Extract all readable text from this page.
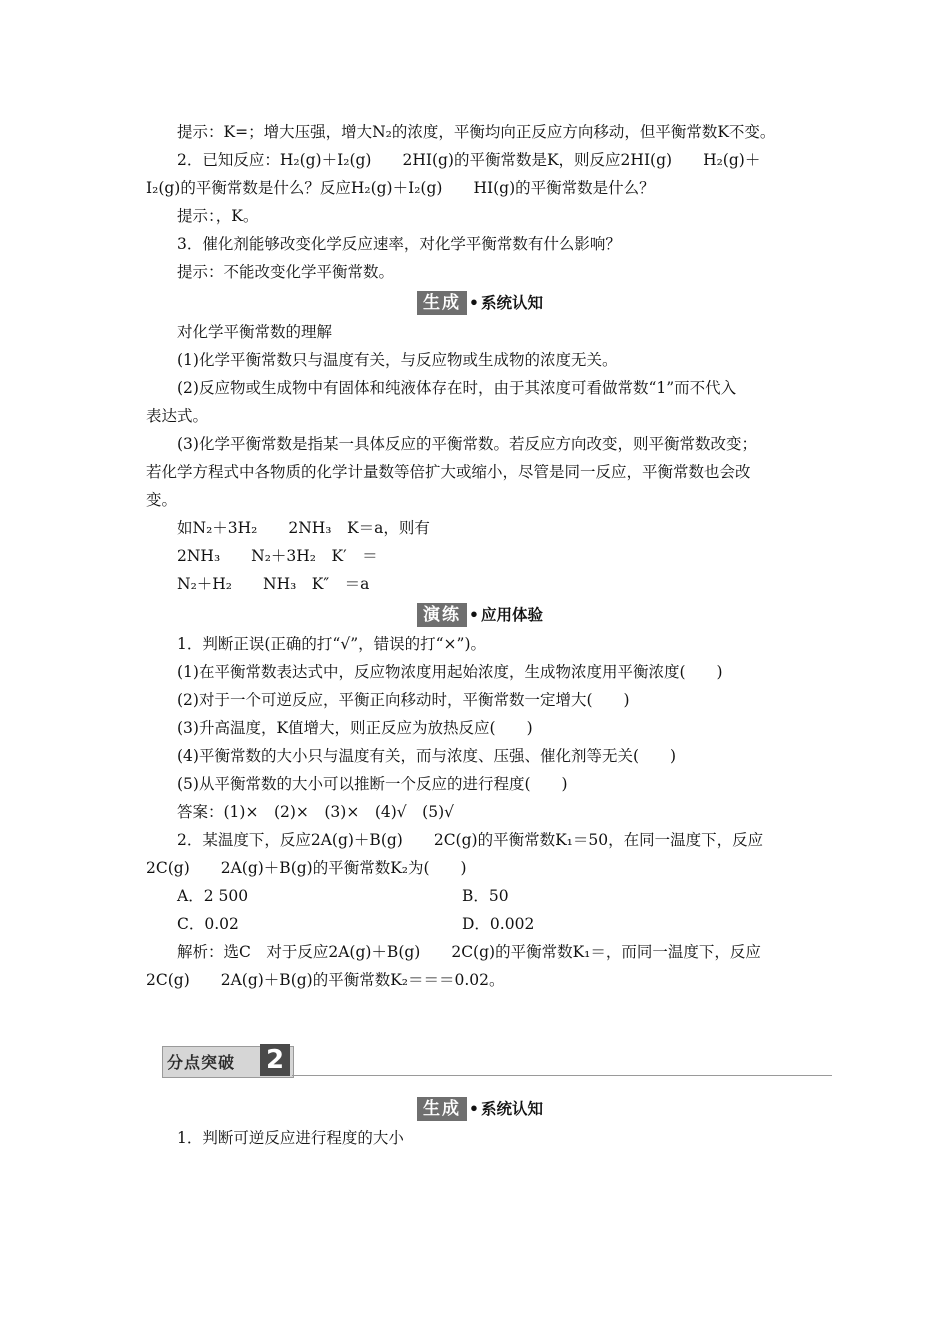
提示：K=；增大压强，增大N₂的浓度，平衡均向正反应方向移动，但平衡常数K不变。
2．已知反应：H₂(g)＋I₂(g)　　2HI(g)的平衡常数是K，则反应2HI(g)　　H₂(g)＋
I₂(g)的平衡常数是什么？反应H₂(g)＋I₂(g)　　HI(g)的平衡常数是什么？
提示：，K。
3．催化剂能够改变化学反应速率，对化学平衡常数有什么影响？
提示：不能改变化学平衡常数。
生成 • 系统认知
对化学平衡常数的理解
(1)化学平衡常数只与温度有关，与反应物或生成物的浓度无关。
(2)反应物或生成物中有固体和纯液体存在时，由于其浓度可看做常数“1”而不代入
表达式。
(3)化学平衡常数是指某一具体反应的平衡常数。若反应方向改变，则平衡常数改变；
若化学方程式中各物质的化学计量数等倍扩大或缩小，尽管是同一反应，平衡常数也会改
变。
如N₂＋3H₂　　2NH₃　K＝a，则有
2NH₃　　N₂＋3H₂　K′　＝
N₂＋H₂　　NH₃　K″　＝a
演练 • 应用体验
1．判断正误(正确的打“√”，错误的打“×”)。
(1)在平衡常数表达式中，反应物浓度用起始浓度，生成物浓度用平衡浓度(　　)
(2)对于一个可逆反应，平衡正向移动时，平衡常数一定增大(　　)
(3)升高温度，K值增大，则正反应为放热反应(　　)
(4)平衡常数的大小只与温度有关，而与浓度、压强、催化剂等无关(　　)
(5)从平衡常数的大小可以推断一个反应的进行程度(　　)
答案：(1)×　(2)×　(3)×　(4)√　(5)√
2．某温度下，反应2A(g)＋B(g)　　2C(g)的平衡常数K₁＝50，在同一温度下，反应
2C(g)　　2A(g)＋B(g)的平衡常数K₂为(　　)
A．2 500	B．50
C．0.02	D．0.002
解析：选C　对于反应2A(g)＋B(g)　　2C(g)的平衡常数K₁＝，而同一温度下，反应
2C(g)　　2A(g)＋B(g)的平衡常数K₂＝＝＝0.02。
分点突破 2
生成 • 系统认知
1．判断可逆反应进行程度的大小
